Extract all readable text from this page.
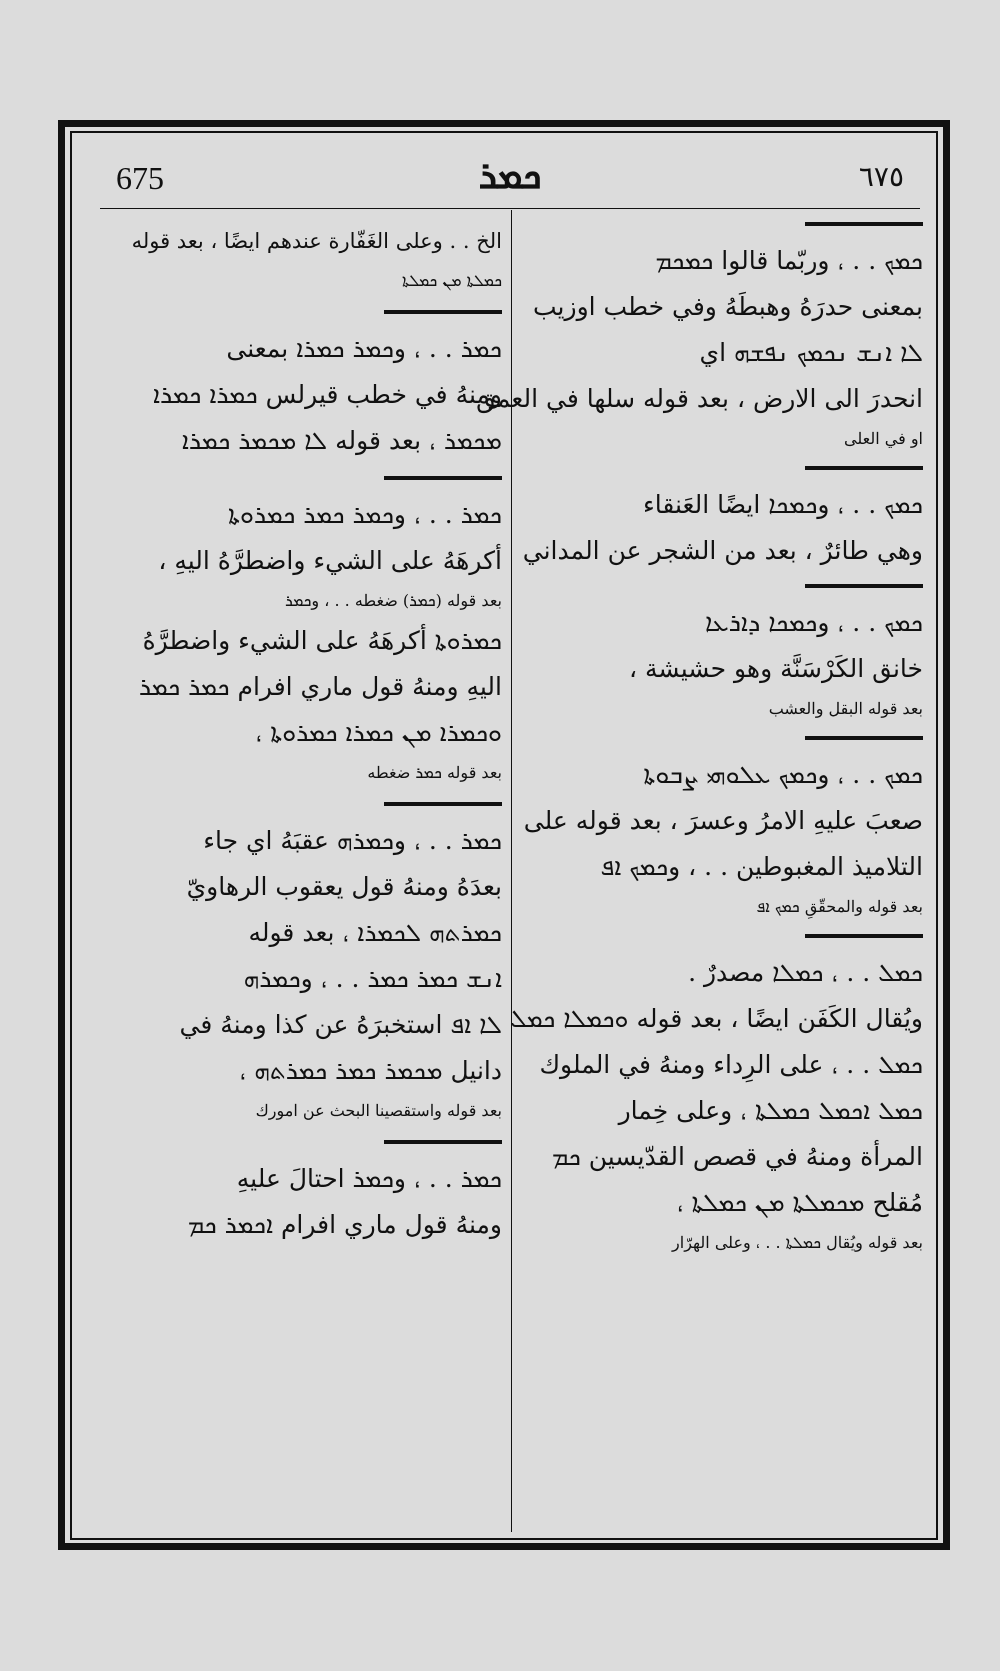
675	ܟܡܪ	٦٧٥
ܟܡܟ . . ، وربّما قالوا ܟܡܟܡ
بمعنى حدرَهُ وهبطَهُ وفي خطب اوزيب
ܠܐ ܐܢܫ ܢܟܡܟ ܢܦܫܗ اي
انحدرَ الى الارض ، بعد قوله سلها في العمق
او في العلى
ܟܡܟ . . ، وܟܡܟܐ ايضًا العَنقاء
وهي طائرٌ ، بعد من الشجر عن المداني
ܟܡܟ . . ، وܟܡܟܐ ܕܐܪܥܐ
خانق الكَرْسَنَّة وهو حشيشة ،
بعد قوله البقل والعشب
ܟܡܟ . . ، وܟܡܟ ܥܠܘܗܝ ܨܒܘܬܐ
صعبَ عليهِ الامرُ وعسرَ ، بعد قوله على
التلاميذ المغبوطين . . ، وܟܡܟ ܐܦ
بعد قوله والمحقّقِ ܟܡܟ ܐܦ
ܟܡܠ . . ، ܟܡܠܐ مصدرٌ .
ويُقال الكَفَن ايضًا ، بعد قوله ܘܟܡܠܐ ܟܡܠ
ܟܡܠ . . ، على الرِداء ومنهُ في الملوك
ܟܡܠ ܐܟܡܠ ܟܡܠܬܐ ، وعلى خِمار
المرأة ومنهُ في قصص القدّيسين ܟܡ
مُقلح ܡܟܡܠܬܐ ܡܢ ܟܡܠܬܐ ،
بعد قوله ويُقال ܟܡܠܬܐ . . ، وعلى الهرّار
الخ . . وعلى الغَفّارة عندهم ايضًا ، بعد قوله
ܟܡܠܬܐ ܡܢ ܟܡܠܬܐ
ܟܡܪ . . ، وܟܡܪ ܟܡܪܐ بمعنى
ومنهُ في خطب قيرلس ܟܡܪܐ ܟܡܪܐ
ܡܟܡܪ ، بعد قوله ܠܐ ܡܟܡܪ ܟܡܪܐ
ܟܡܪ . . ، وܟܡܪ ܟܡܪ ܟܡܪܘܬܐ
أكرهَهُ على الشيء واضطرَّهُ اليهِ ،
بعد قوله (ܟܡܪ) ضغطه . . ، وܟܡܪ
ܟܡܪܘܬܐ أكرهَهُ على الشيء واضطرَّهُ
اليهِ ومنهُ قول ماري افرام ܟܡܪ ܟܡܪ
ܘܟܡܪܐ ܡܢ ܟܡܪܐ ܟܡܪܘܬܐ ،
بعد قوله ܟܡܪ ضغطه
ܟܡܪ . . ، وܟܡܪܗ عقبَهُ اي جاء
بعدَهُ ومنهُ قول يعقوب الرهاويّ
ܟܡܪܬܗ ܠܟܡܪܐ ، بعد قوله
ܐܢܫ ܟܡܪ ܟܡܪ . . ، وܟܡܪܗ
ܠܐ ܐܦ استخبرَهُ عن كذا ومنهُ في
دانيل ܡܟܡܪ ܟܡܪ ܟܡܪܬܗ ،
بعد قوله واستقصينا البحث عن امورك
ܟܡܪ . . ، وܟܡܪ احتالَ عليهِ
ومنهُ قول ماري افرام ܐܟܡܪ ܟܡ
